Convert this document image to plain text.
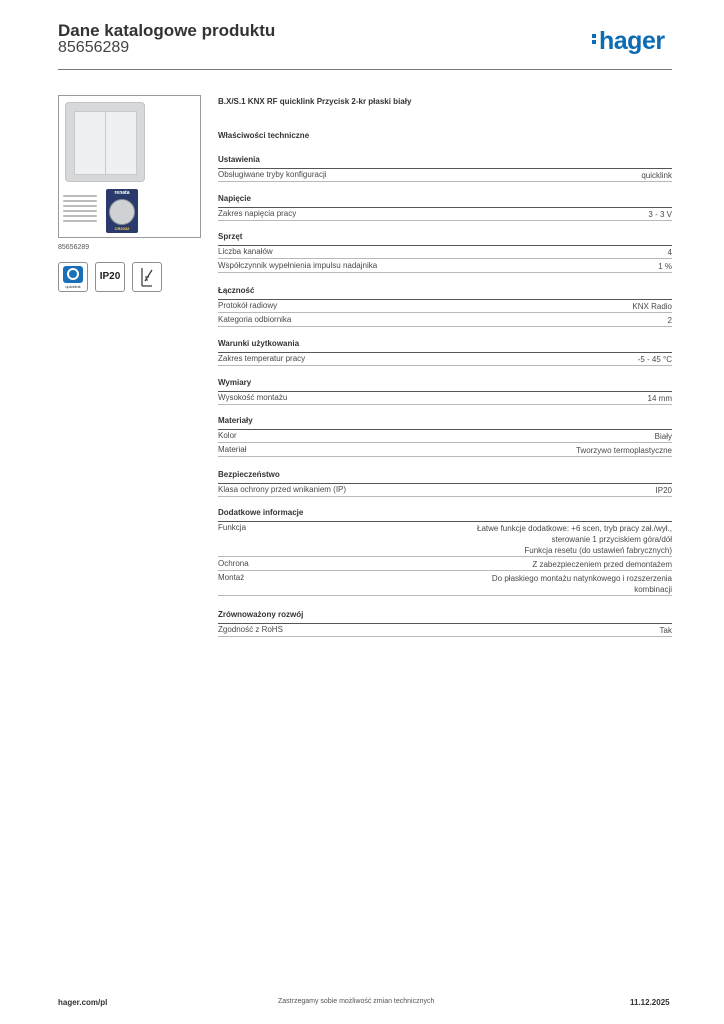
Dane katalogowe produktu
85656289	hager
renata
CR2032
85656289
quicklink
IP20
B.X/S.1 KNX RF quicklink Przycisk 2-kr płaski biały
Właściwości techniczne
Ustawienia
Obsługiwane tryby konfiguracji	quicklink
Napięcie
Zakres napięcia pracy	3 - 3 V
Sprzęt
Liczba kanałów	4
Współczynnik wypełnienia impulsu nadajnika	1 %
Łączność
Protokół radiowy	KNX Radio
Kategoria odbiornika	2
Warunki użytkowania
Zakres temperatur pracy	-5 - 45 °C
Wymiary
Wysokość montażu	14 mm
Materiały
Kolor	Biały
Materiał	Tworzywo termoplastyczne
Bezpieczeństwo
Klasa ochrony przed wnikaniem (IP)	IP20
Dodatkowe informacje
Funkcja	Łatwe funkcje dodatkowe: +6 scen, tryb pracy zał./wył.,
sterowanie 1 przyciskiem góra/dół
Funkcja resetu (do ustawień fabrycznych)
Ochrona	Z zabezpieczeniem przed demontażem
Montaż	Do płaskiego montażu natynkowego i rozszerzenia
kombinacji
Zrównoważony rozwój
Zgodność z RoHS	Tak
hager.com/pl	Zastrzegamy sobie możliwość zmian technicznych	11.12.2025
